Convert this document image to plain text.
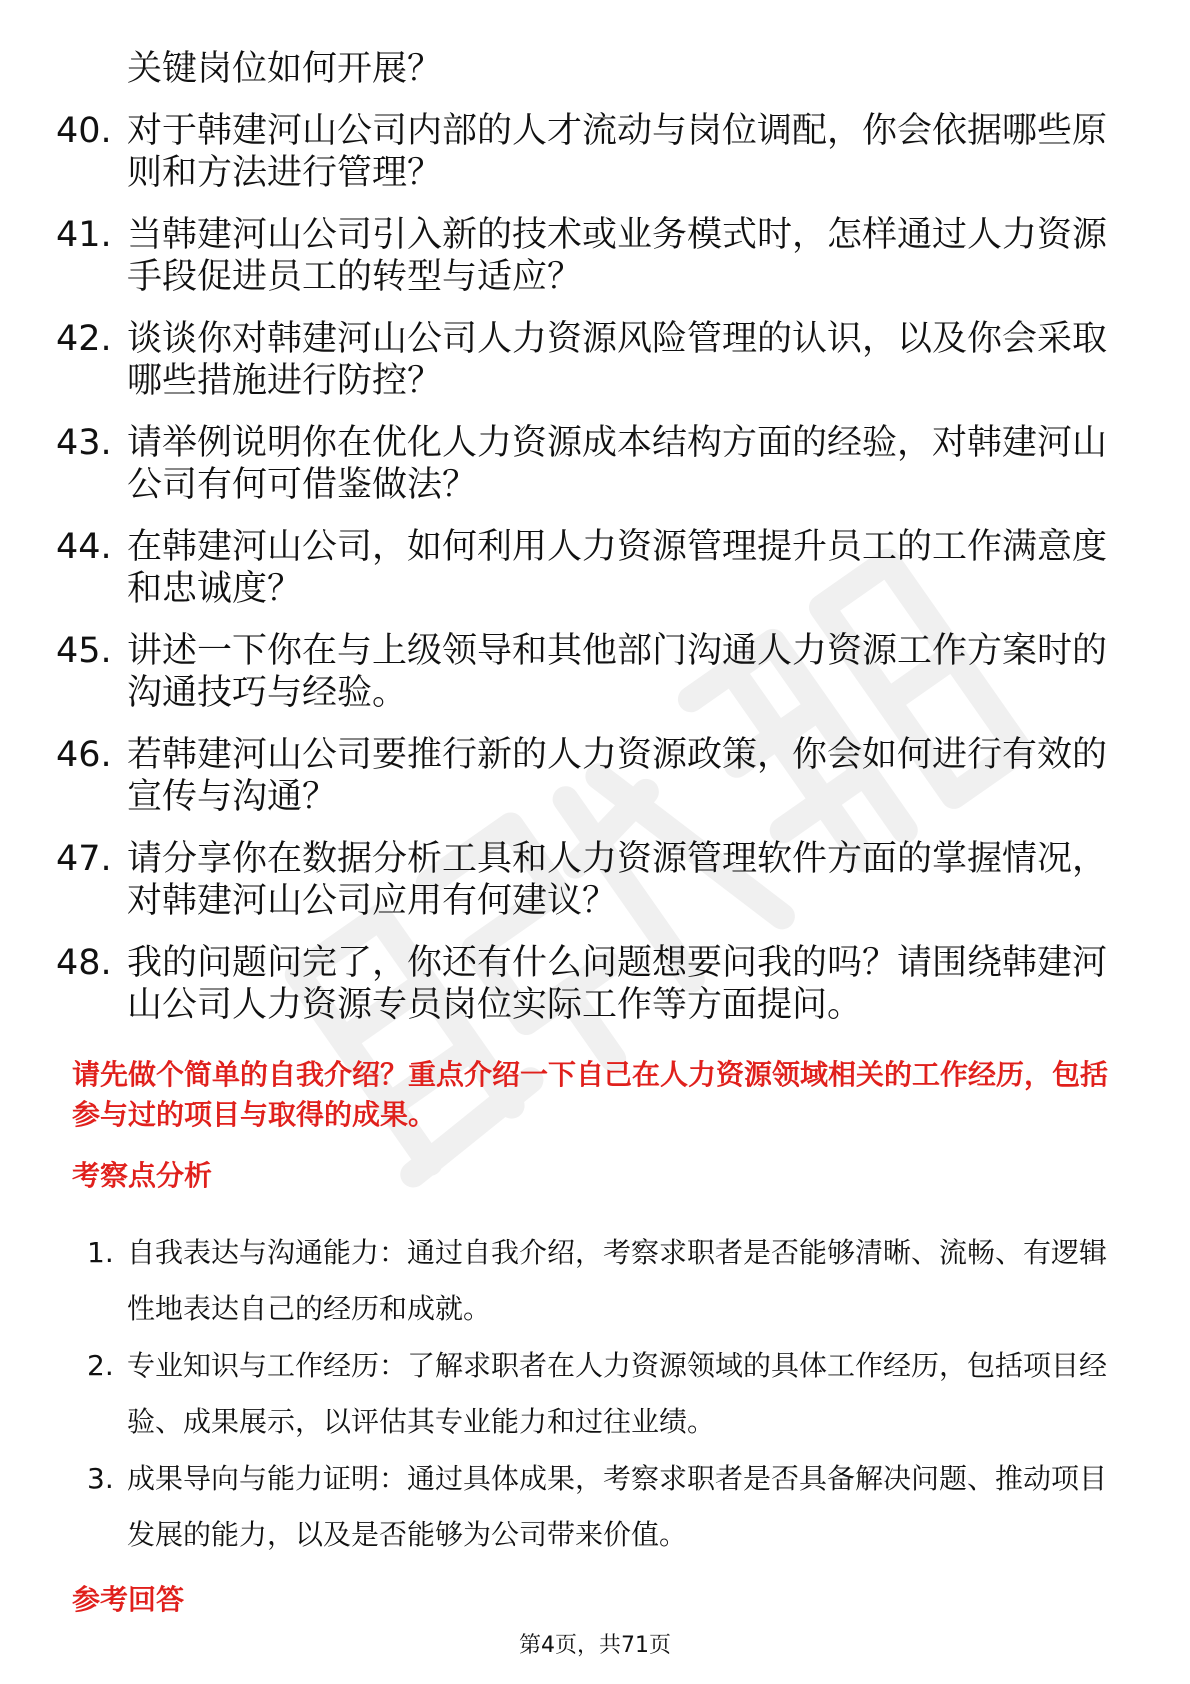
关键岗位如何开展？
40. 对于韩建河山公司内部的人才流动与岗位调配，你会依据哪些原则和方法进行管理？
41. 当韩建河山公司引入新的技术或业务模式时，怎样通过人力资源手段促进员工的转型与适应？
42. 谈谈你对韩建河山公司人力资源风险管理的认识，以及你会采取哪些措施进行防控？
43. 请举例说明你在优化人力资源成本结构方面的经验，对韩建河山公司有何可借鉴做法？
44. 在韩建河山公司，如何利用人力资源管理提升员工的工作满意度和忠诚度？
45. 讲述一下你在与上级领导和其他部门沟通人力资源工作方案时的沟通技巧与经验。
46. 若韩建河山公司要推行新的人力资源政策，你会如何进行有效的宣传与沟通？
47. 请分享你在数据分析工具和人力资源管理软件方面的掌握情况，对韩建河山公司应用有何建议？
48. 我的问题问完了，你还有什么问题想要问我的吗？请围绕韩建河山公司人力资源专员岗位实际工作等方面提问。
请先做个简单的自我介绍？重点介绍一下自己在人力资源领域相关的工作经历，包括参与过的项目与取得的成果。
考察点分析
1. 自我表达与沟通能力：通过自我介绍，考察求职者是否能够清晰、流畅、有逻辑性地表达自己的经历和成就。
2. 专业知识与工作经历：了解求职者在人力资源领域的具体工作经历，包括项目经验、成果展示，以评估其专业能力和过往业绩。
3. 成果导向与能力证明：通过具体成果，考察求职者是否具备解决问题、推动项目发展的能力，以及是否能够为公司带来价值。
参考回答
第4页，共71页
